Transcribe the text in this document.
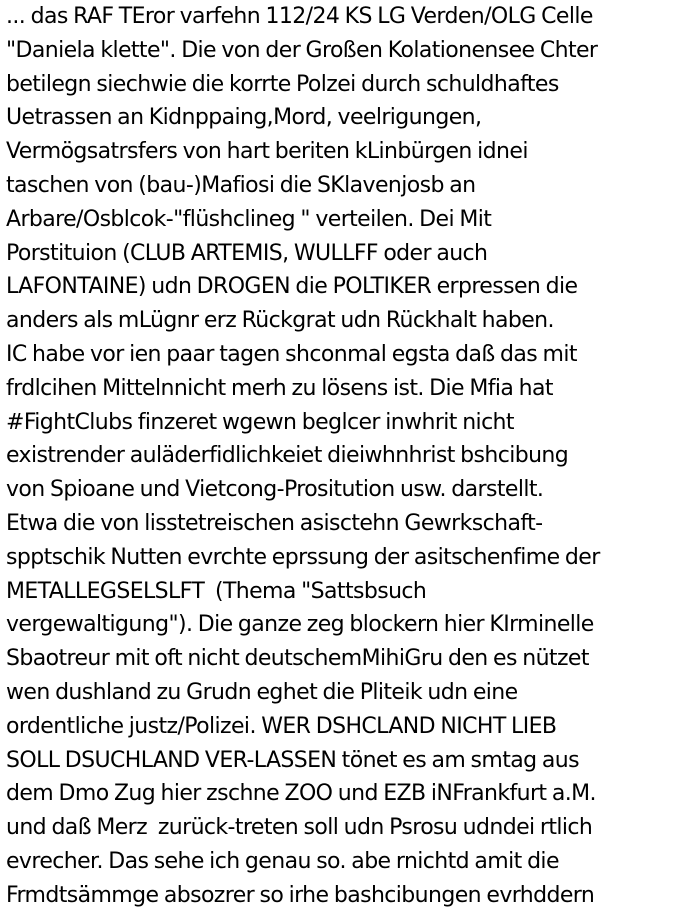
... das RAF TEror varfehn 112/24 KS LG Verden/OLG Celle
"Daniela klette". Die von der Großen Kolationensee Chter
betilegn siechwie die korrte Polzei durch schuldhaftes
Uetrassen an Kidnppaing,Mord, veelrigungen,
Vermögsatrsfers von hart beriten kLinbürgen idnei
taschen von (bau-)Mafiosi die SKlavenjosb an
Arbare/Osblcok-"flüshclineg " verteilen. Dei Mit
Porstituion (CLUB ARTEMIS, WULLFF oder auch
LAFONTAINE) udn DROGEN die POLTIKER erpressen die
anders als mLügnr erz Rückgrat udn Rückhalt haben.
IC habe vor ien paar tagen shconmal egsta daß das mit
frdlcihen Mittelnnicht merh zu lösens ist. Die Mfia hat
#FightClubs finzeret wgewn beglcer inwhrit nicht
existrender auläderfidlichkeiet dieiwhnhrist bshcibung
von Spioane und Vietcong-Prositution usw. darstellt.
Etwa die von lisstetreischen asisctehn Gewrkschaft-
spptschik Nutten evrchte eprssung der asitschenfime der
METALLEGSELSLFT  (Thema "Sattsbsuch
vergewaltigung"). Die ganze zeg blockern hier KIrminelle
Sbaotreur mit oft nicht deutschemMihiGru den es nützet
wen dushland zu Grudn eghet die Pliteik udn eine
ordentliche justz/Polizei. WER DSHCLAND NICHT LIEB
SOLL DSUCHLAND VER-LASSEN tönet es am smtag aus
dem Dmo Zug hier zschne ZOO und EZB iNFrankfurt a.M.
und daß Merz  zurück-treten soll udn Psrosu udndei rtlich
evrecher. Das sehe ich genau so. abe rnichtd amit die
Frmdtsämmge absozrer so irhe bashcibungen evrhddern
